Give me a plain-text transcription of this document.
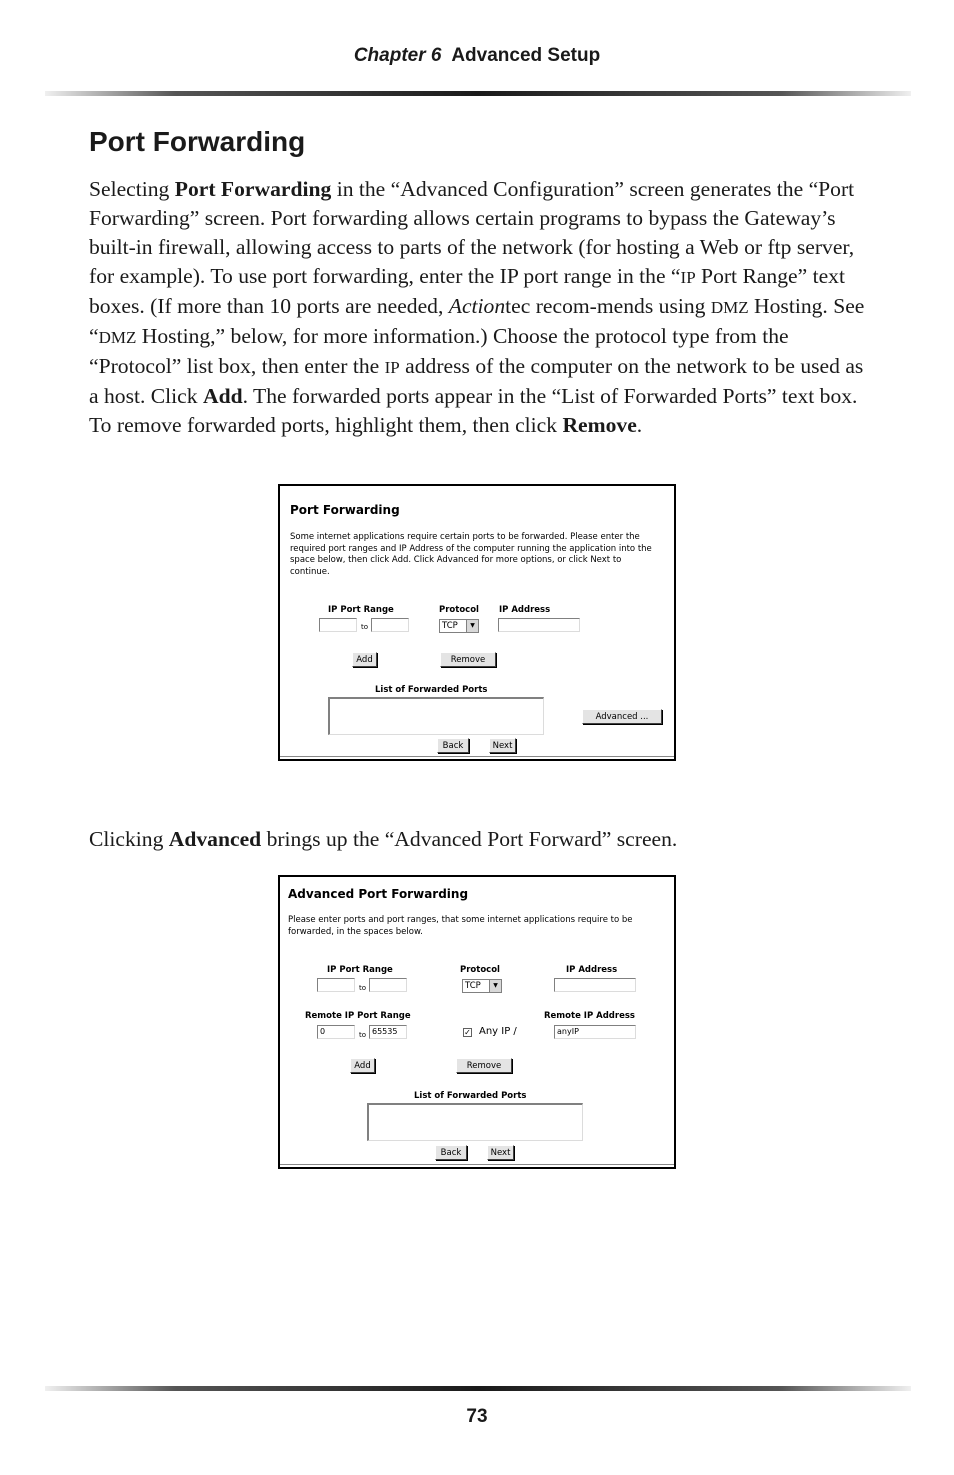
Chapter 6 Advanced Setup
Port Forwarding

Selecting Port Forwarding in the “Advanced Configuration” screen generates the “Port Forwarding” screen. Port forwarding allows certain programs to bypass the Gateway’s built-in firewall, allowing access to parts of the network (for hosting a Web or ftp server, for example). To use port forwarding, enter the IP port range in the “IP Port Range” text boxes. (If more than 10 ports are needed, Actiontec recom-mends using DMZ Hosting. See “DMZ Hosting,” below, for more information.) Choose the protocol type from the “Protocol” list box, then enter the IP address of the computer on the network to be used as a host. Click Add. The forwarded ports appear in the “List of Forwarded Ports” text box.

To remove forwarded ports, highlight them, then click Remove.

Port Forwarding
Some internet applications require certain ports to be forwarded. Please enter the required port ranges and IP Address of the computer running the application into the space below, then click Add. Click Advanced for more options, or click Next to continue.
IP Port Range	Protocol IP Address
to	TCP	▼
Add	Remove
List of Forwarded Ports
Advanced ...
Back	Next

Clicking Advanced brings up the “Advanced Port Forward” screen.

Advanced Port Forwarding
Please enter ports and port ranges, that some internet applications require to be forwarded, in the spaces below.
IP Port Range	Protocol	IP Address
to	TCP	▼
Remote IP Port Range	Remote IP Address
0	to 65535	✓ Any IP /	anyIP
Add	Remove
List of Forwarded Ports
Back	Next
73
